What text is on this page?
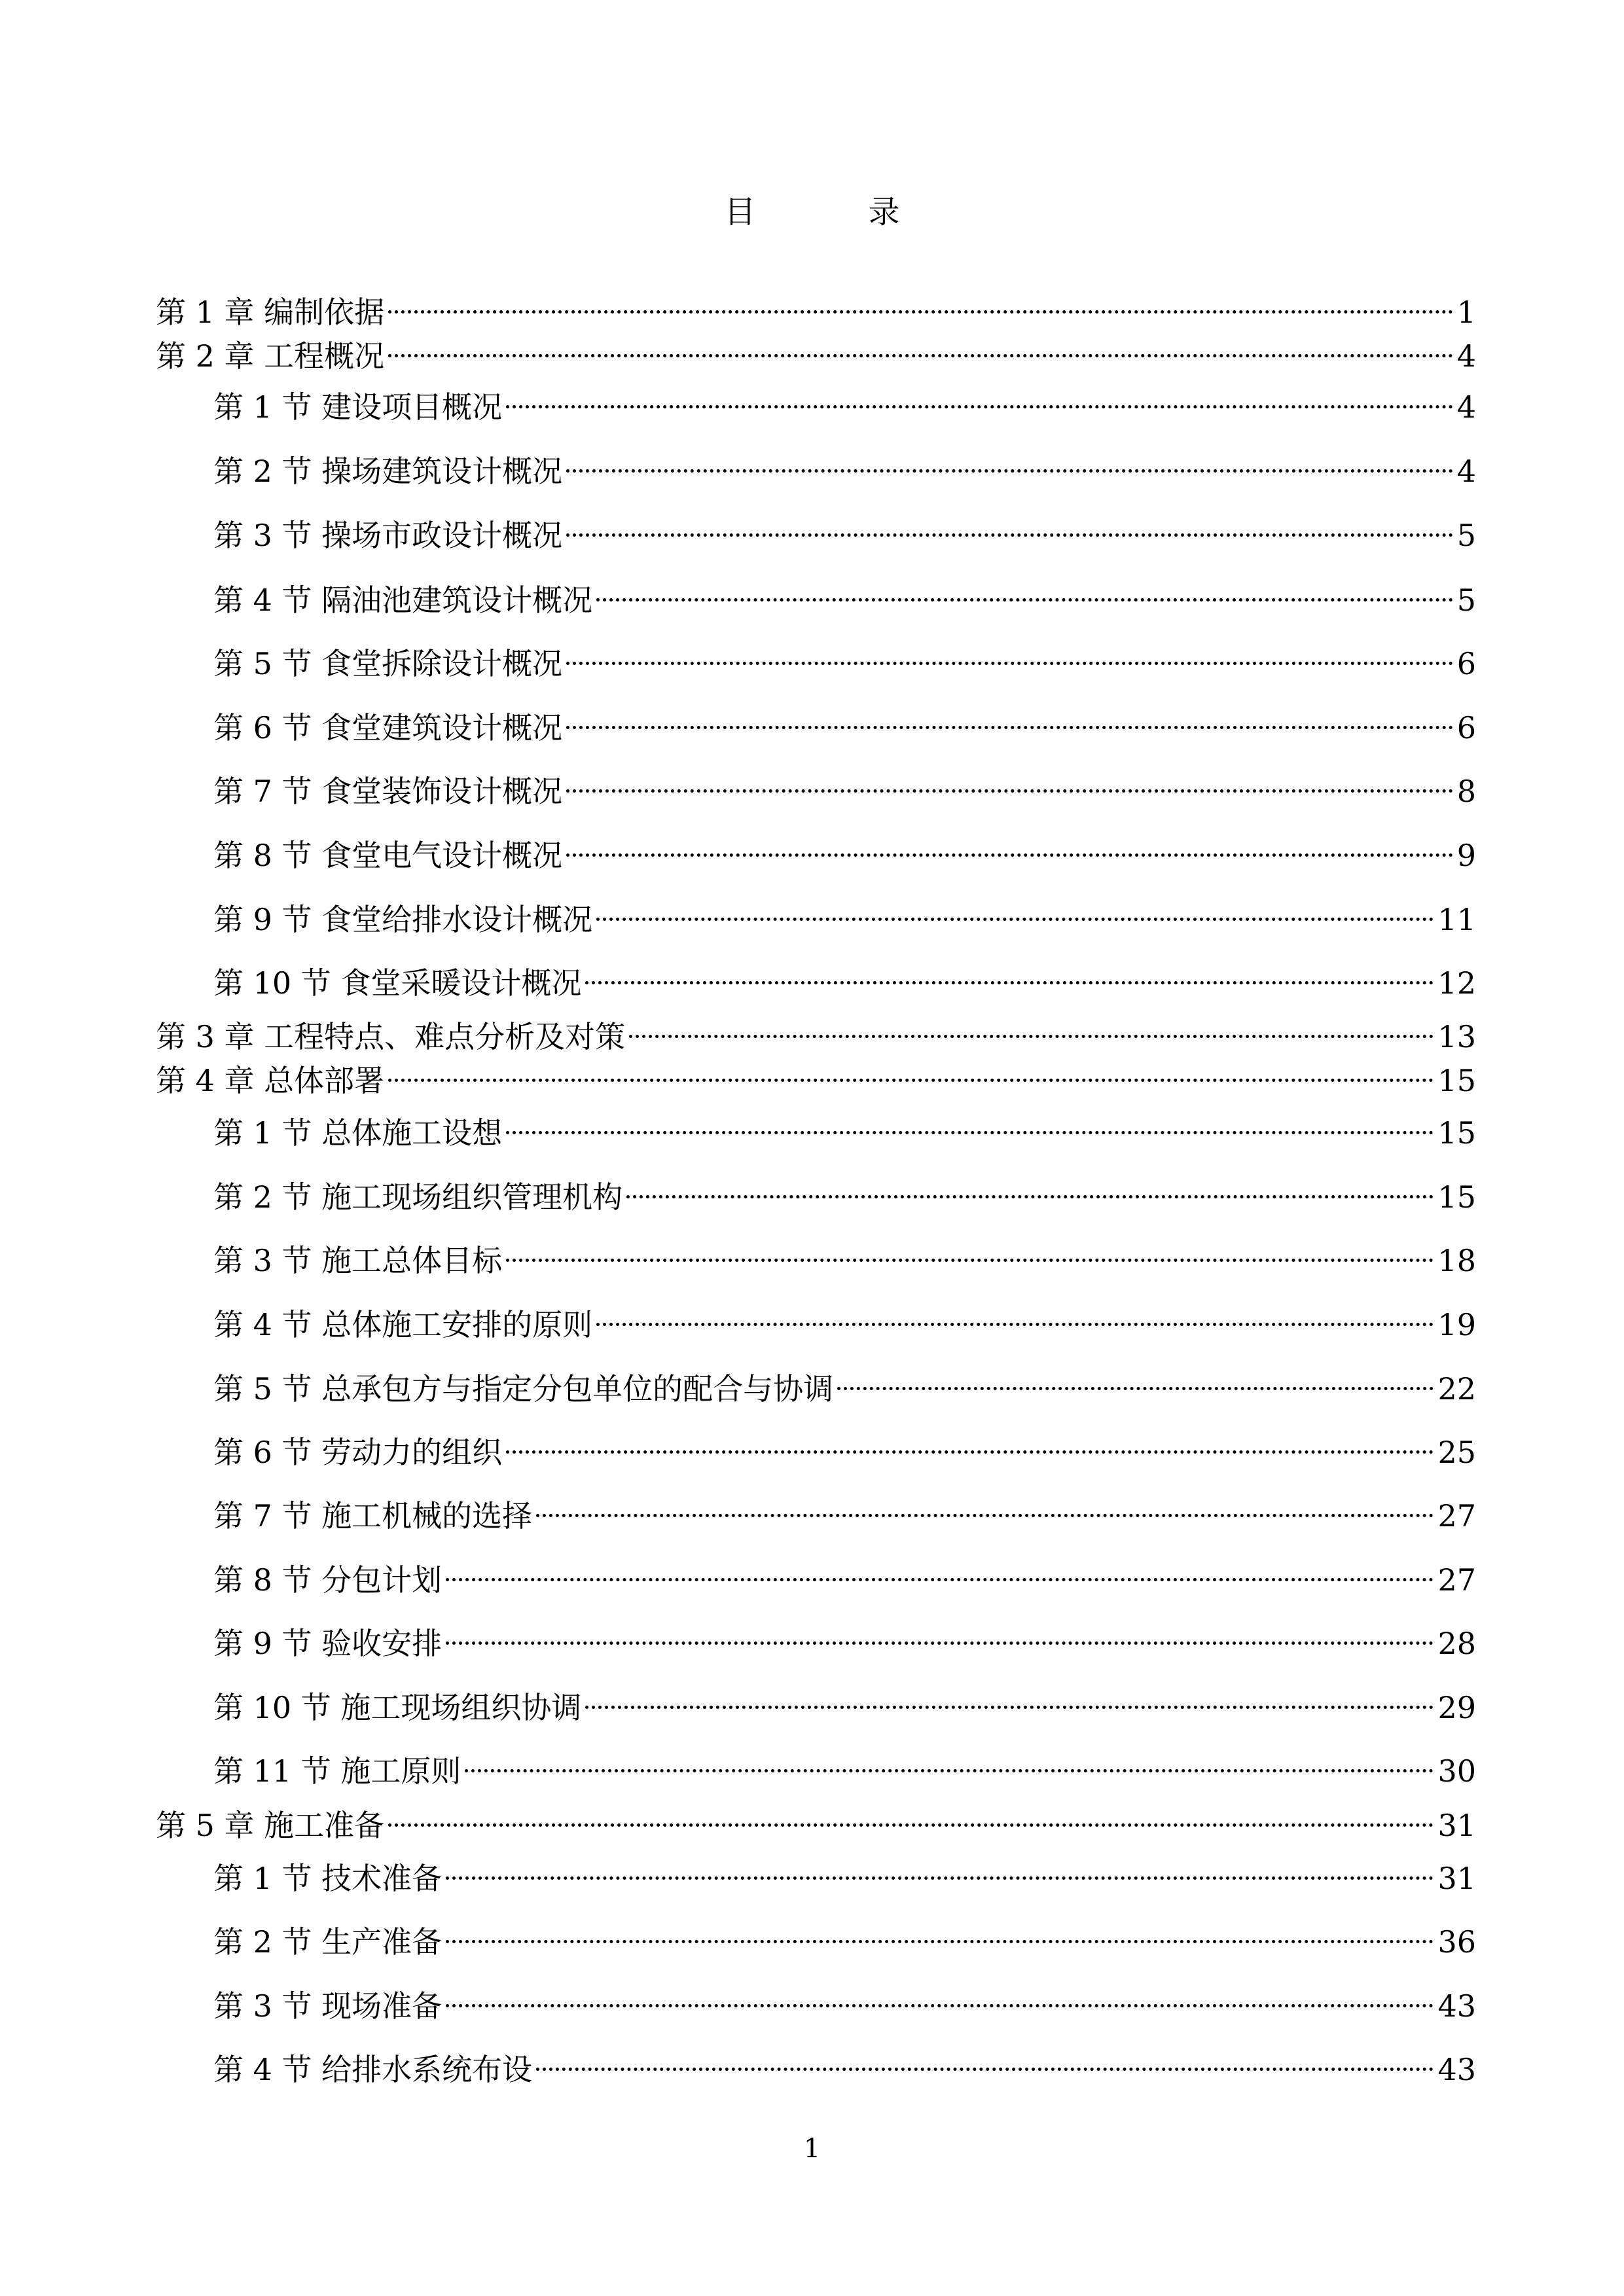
目　录
第 1 章 编制依据	1
第 2 章 工程概况	4
第 1 节 建设项目概况	4
第 2 节 操场建筑设计概况	4
第 3 节 操场市政设计概况	5
第 4 节 隔油池建筑设计概况	5
第 5 节 食堂拆除设计概况	6
第 6 节 食堂建筑设计概况	6
第 7 节 食堂装饰设计概况	8
第 8 节 食堂电气设计概况	9
第 9 节 食堂给排水设计概况	11
第 10 节 食堂采暖设计概况	12
第 3 章 工程特点、难点分析及对策	13
第 4 章 总体部署	15
第 1 节 总体施工设想	15
第 2 节 施工现场组织管理机构	15
第 3 节 施工总体目标	18
第 4 节 总体施工安排的原则	19
第 5 节 总承包方与指定分包单位的配合与协调	22
第 6 节 劳动力的组织	25
第 7 节 施工机械的选择	27
第 8 节 分包计划	27
第 9 节 验收安排	28
第 10 节 施工现场组织协调	29
第 11 节 施工原则	30
第 5 章 施工准备	31
第 1 节 技术准备	31
第 2 节 生产准备	36
第 3 节 现场准备	43
第 4 节 给排水系统布设	43
1
